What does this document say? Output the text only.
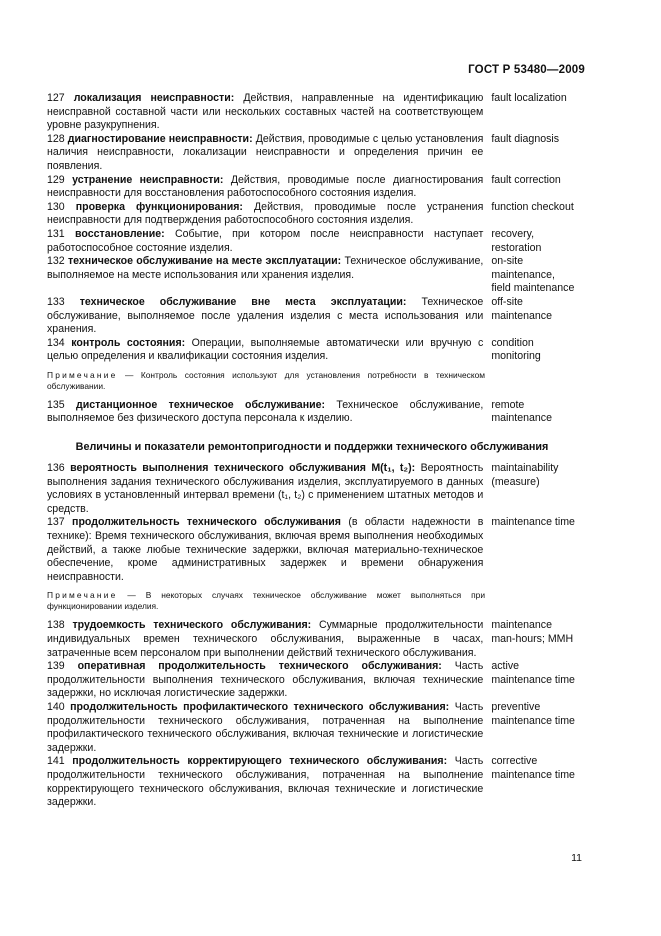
ГОСТ Р 53480—2009
127 локализация неисправности: Действия, направленные на идентификацию неисправной составной части или нескольких составных частей на соответствующем уровне разукрупнения.
fault localization
128 диагностирование неисправности: Действия, проводимые с целью установления наличия неисправности, локализации неисправности и определения причин ее появления.
fault diagnosis
129 устранение неисправности: Действия, проводимые после диагностирования неисправности для восстановления работоспособного состояния изделия.
fault correction
130 проверка функционирования: Действия, проводимые после устранения неисправности для подтверждения работоспособного состояния изделия.
function checkout
131 восстановление: Событие, при котором после неисправности наступает работоспособное состояние изделия.
recovery, restoration
132 техническое обслуживание на месте эксплуатации: Техническое обслуживание, выполняемое на месте использования или хранения изделия.
on-site maintenance, field maintenance
133 техническое обслуживание вне места эксплуатации: Техническое обслуживание, выполняемое после удаления изделия с места использования или хранения.
off-site maintenance
134 контроль состояния: Операции, выполняемые автоматически или вручную с целью определения и квалификации состояния изделия.
condition monitoring
Примечание — Контроль состояния используют для установления потребности в техническом обслуживании.
135 дистанционное техническое обслуживание: Техническое обслуживание, выполняемое без физического доступа персонала к изделию.
remote maintenance
Величины и показатели ремонтопригодности и поддержки технического обслуживания
136 вероятность выполнения технического обслуживания M(t₁, t₂): Вероятность выполнения задания технического обслуживания изделия, эксплуатируемого в данных условиях в установленный интервал времени (t₁, t₂) с применением штатных методов и средств.
maintainability (measure)
137 продолжительность технического обслуживания (в области надежности в технике): Время технического обслуживания, включая время выполнения необходимых действий, а также любые технические задержки, включая материально-техническое обеспечение, кроме административных задержек и времени обнаружения неисправности.
maintenance time
Примечание — В некоторых случаях техническое обслуживание может выполняться при функционировании изделия.
138 трудоемкость технического обслуживания: Суммарные продолжительности индивидуальных времен технического обслуживания, выраженные в часах, затраченные всем персоналом при выполнении действий технического обслуживания.
maintenance man-hours; MMH
139 оперативная продолжительность технического обслуживания: Часть продолжительности выполнения технического обслуживания, включая технические задержки, но исключая логистические задержки.
active maintenance time
140 продолжительность профилактического технического обслуживания: Часть продолжительности технического обслуживания, потраченная на выполнение профилактического технического обслуживания, включая технические и логистические задержки.
preventive maintenance time
141 продолжительность корректирующего технического обслуживания: Часть продолжительности технического обслуживания, потраченная на выполнение корректирующего технического обслуживания, включая технические и логистические задержки.
corrective maintenance time
11
